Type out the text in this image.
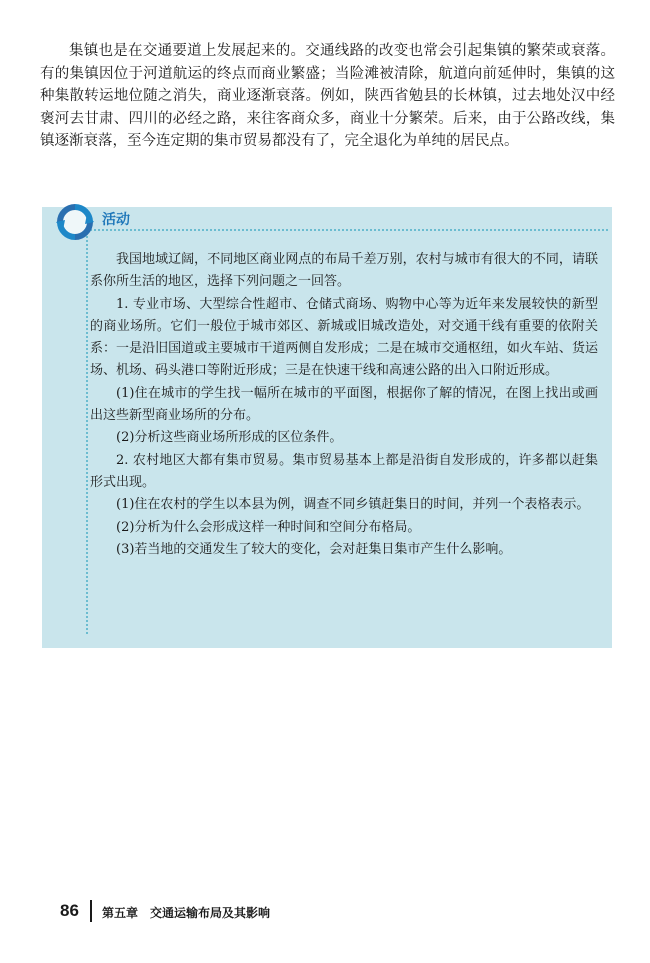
集镇也是在交通要道上发展起来的。交通线路的改变也常会引起集镇的繁荣或衰落。有的集镇因位于河道航运的终点而商业繁盛；当险滩被清除，航道向前延伸时，集镇的这种集散转运地位随之消失，商业逐渐衰落。例如，陕西省勉县的长林镇，过去地处汉中经褒河去甘肃、四川的必经之路，来往客商众多，商业十分繁荣。后来，由于公路改线，集镇逐渐衰落，至今连定期的集市贸易都没有了，完全退化为单纯的居民点。

活动

我国地域辽阔，不同地区商业网点的布局千差万别，农村与城市有很大的不同，请联系你所生活的地区，选择下列问题之一回答。

1. 专业市场、大型综合性超市、仓储式商场、购物中心等为近年来发展较快的新型的商业场所。它们一般位于城市郊区、新城或旧城改造处，对交通干线有重要的依附关系：一是沿旧国道或主要城市干道两侧自发形成；二是在城市交通枢纽，如火车站、货运场、机场、码头港口等附近形成；三是在快速干线和高速公路的出入口附近形成。

(1)住在城市的学生找一幅所在城市的平面图，根据你了解的情况，在图上找出或画出这些新型商业场所的分布。

(2)分析这些商业场所形成的区位条件。

2. 农村地区大都有集市贸易。集市贸易基本上都是沿街自发形成的，许多都以赶集形式出现。

(1)住在农村的学生以本县为例，调查不同乡镇赶集日的时间，并列一个表格表示。

(2)分析为什么会形成这样一种时间和空间分布格局。

(3)若当地的交通发生了较大的变化，会对赶集日集市产生什么影响。

86 第五章　交通运输布局及其影响
